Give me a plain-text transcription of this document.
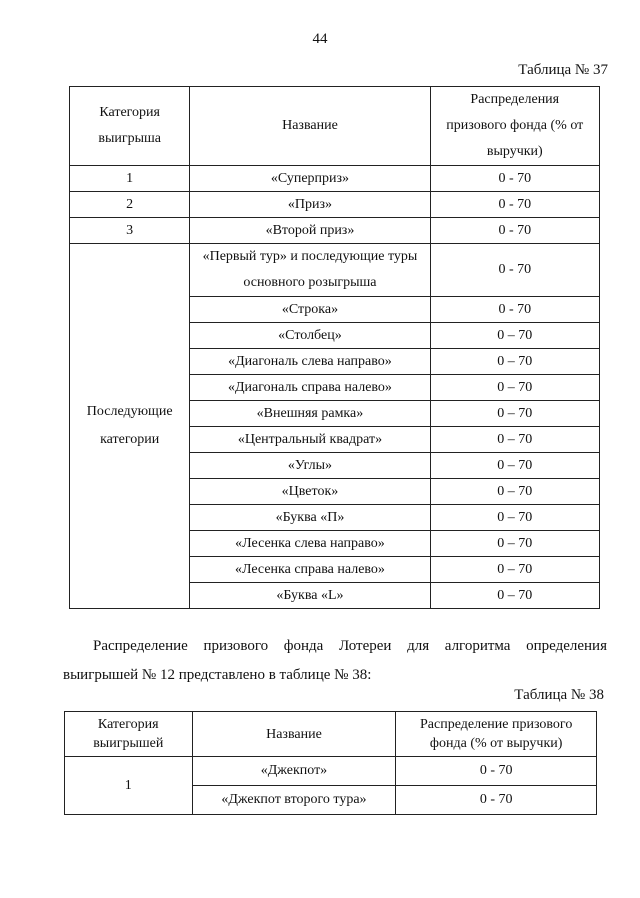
44
Таблица № 37
Категория выигрыша	Название	Распределения призового фонда (% от выручки)
1	«Суперприз»	0 - 70
2	«Приз»	0 - 70
3	«Второй приз»	0 - 70
Последующие категории	«Первый тур» и последующие туры основного розыгрыша	0 - 70
	«Строка»	0 - 70
	«Столбец»	0 – 70
	«Диагональ слева направо»	0 – 70
	«Диагональ справа налево»	0 – 70
	«Внешняя рамка»	0 – 70
	«Центральный квадрат»	0 – 70
	«Углы»	0 – 70
	«Цветок»	0 – 70
	«Буква «П»	0 – 70
	«Лесенка слева направо»	0 – 70
	«Лесенка справа налево»	0 – 70
	«Буква «L»	0 – 70
Распределение призового фонда Лотереи для алгоритма определения выигрышей № 12 представлено в таблице № 38:
Таблица № 38
Категория выигрышей	Название	Распределение призового фонда (% от выручки)
1	«Джекпот»	0 - 70
	«Джекпот второго тура»	0 - 70
